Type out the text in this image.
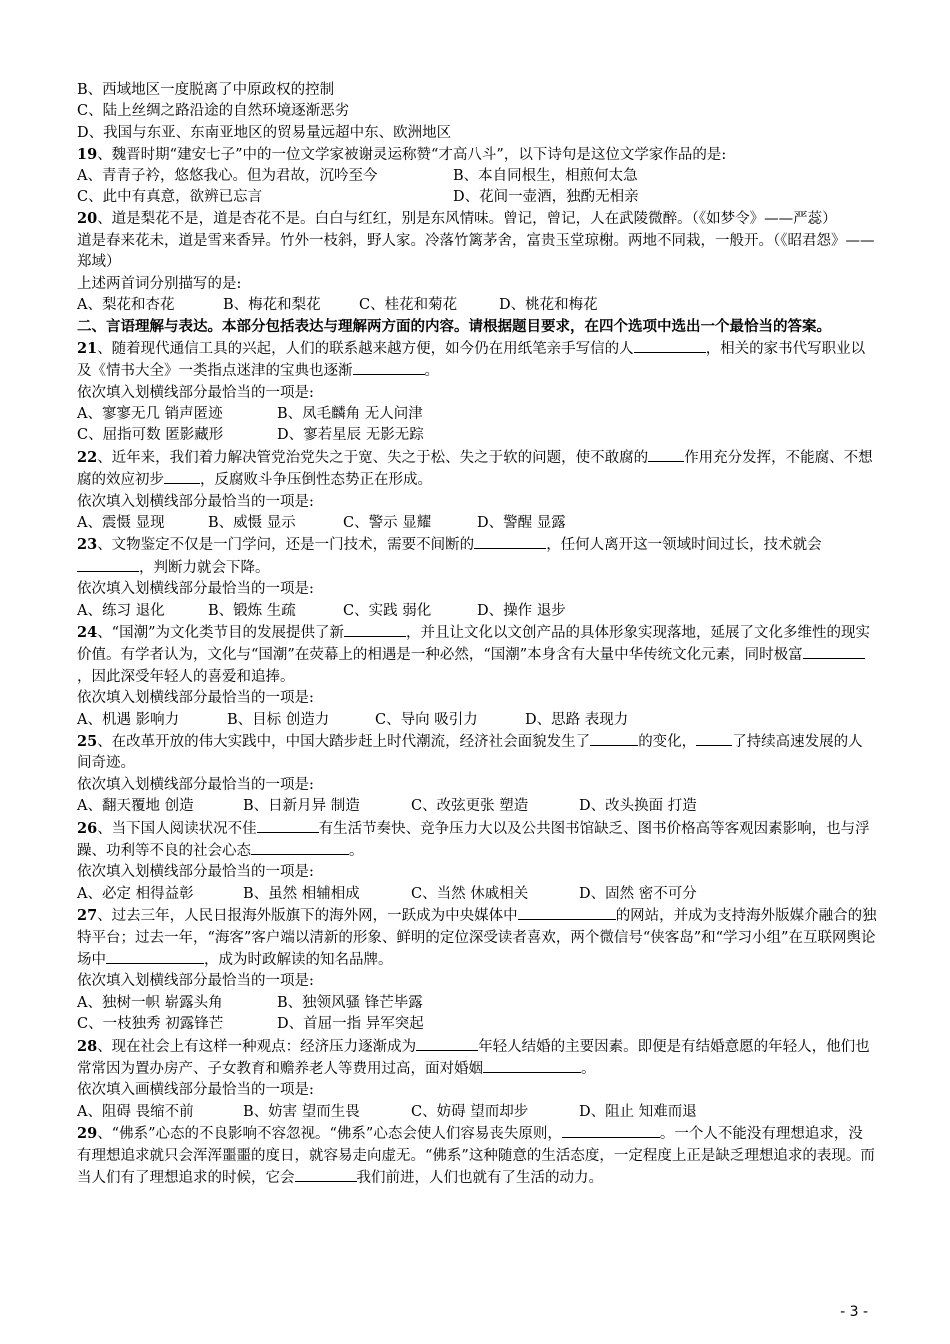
B、西域地区一度脱离了中原政权的控制
C、陆上丝绸之路沿途的自然环境逐渐恶劣
D、我国与东亚、东南亚地区的贸易量远超中东、欧洲地区
19、魏晋时期“建安七子”中的一位文学家被谢灵运称赞“才高八斗”，以下诗句是这位文学家作品的是:
A、青青子衿，悠悠我心。但为君故，沉吟至今	B、本自同根生，相煎何太急
C、此中有真意，欲辨已忘言	D、花间一壶酒，独酌无相亲
20、道是梨花不是，道是杏花不是。白白与红红，别是东风情味。曾记，曾记，人在武陵微醉。（《如梦令》——严蕊）
道是春来花未，道是雪来香异。竹外一枝斜，野人家。冷落竹篱茅舍，富贵玉堂琼榭。两地不同栽，一般开。（《昭君怨》——郑域）
上述两首词分别描写的是:
A、梨花和杏花	B、梅花和梨花	C、桂花和菊花	D、桃花和梅花
二、言语理解与表达。本部分包括表达与理解两方面的内容。请根据题目要求，在四个选项中选出一个最恰当的答案。
21、随着现代通信工具的兴起，人们的联系越来越方便，如今仍在用纸笔亲手写信的人	，相关的家书代写职业以及《情书大全》一类指点迷津的宝典也逐渐	。
依次填入划横线部分最恰当的一项是:
A、寥寥无几 销声匿迹	B、凤毛麟角 无人问津
C、屈指可数 匿影藏形	D、寥若星辰 无影无踪
22、近年来，我们着力解决管党治党失之于宽、失之于松、失之于软的问题，使不敢腐的 作用充分发挥，不能腐、不想腐的效应初步 ，反腐败斗争压倒性态势正在形成。
依次填入划横线部分最恰当的一项是:
A、震慑 显现	B、威慑 显示	C、警示 显耀	D、警醒 显露
23、文物鉴定不仅是一门学问，还是一门技术，需要不间断的	，任何人离开这一领域时间过长，技术就会，判断力就会下降。
依次填入划横线部分最恰当的一项是:
A、练习 退化	B、锻炼 生疏	C、实践 弱化	D、操作 退步
24、“国潮”为文化类节目的发展提供了新	，并且让文化以文创产品的具体形象实现落地，延展了文化多维性的现实价值。有学者认为，文化与“国潮”在荧幕上的相遇是一种必然，“国潮”本身含有大量中华传统文化元素，同时极富，因此深受年轻人的喜爱和追捧。
依次填入划横线部分最恰当的一项是:
A、机遇 影响力	B、目标 创造力	C、导向 吸引力	D、思路 表现力
25、在改革开放的伟大实践中，中国大踏步赶上时代潮流，经济社会面貌发生了	的变化， 了持续高速发展的人间奇迹。
依次填入划横线部分最恰当的一项是:
A、翻天覆地 创造	B、日新月异 制造	C、改弦更张 塑造	D、改头换面 打造
26、当下国人阅读状况不佳	有生活节奏快、竞争压力大以及公共图书馆缺乏、图书价格高等客观因素影响，也与浮躁、功利等不良的社会心态	。
依次填入划横线部分最恰当的一项是:
A、必定 相得益彰	B、虽然 相辅相成	C、当然 休戚相关	D、固然 密不可分
27、过去三年，人民日报海外版旗下的海外网，一跃成为中央媒体中	的网站，并成为支持海外版媒介融合的独特平台；过去一年，“海客”客户端以清新的形象、鲜明的定位深受读者喜欢，两个微信号“侠客岛”和“学习小组”在互联网舆论场中	，成为时政解读的知名品牌。
依次填入划横线部分最恰当的一项是:
A、独树一帜 崭露头角	B、独领风骚 锋芒毕露
C、一枝独秀 初露锋芒	D、首屈一指 异军突起
28、现在社会上有这样一种观点：经济压力逐渐成为	年轻人结婚的主要因素。即便是有结婚意愿的年轻人，他们也常常因为置办房产、子女教育和赡养老人等费用过高，面对婚姻	。
依次填入画横线部分最恰当的一项是:
A、阻碍 畏缩不前	B、妨害 望而生畏	C、妨碍 望而却步	D、阻止 知难而退
29、“佛系”心态的不良影响不容忽视。“佛系”心态会使人们容易丧失原则，	。一个人不能没有理想追求，没有理想追求就只会浑浑噩噩的度日，就容易走向虚无。“佛系”这种随意的生活态度，一定程度上正是缺乏理想追求的表现。而当人们有了理想追求的时候，它会	我们前进，人们也就有了生活的动力。
- 3 -
